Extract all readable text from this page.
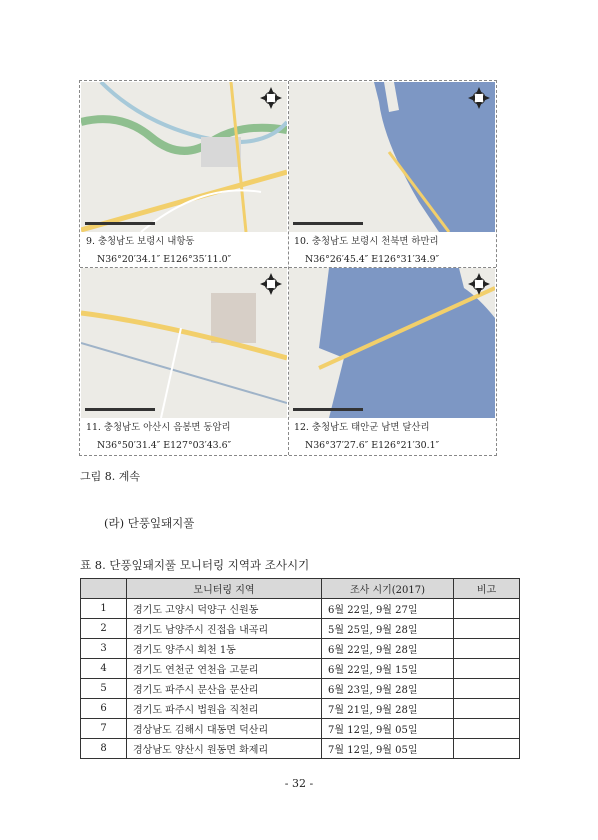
9. 충청남도 보령시 내항동
N36°20′34.1″ E126°35′11.0″
10. 충청남도 보령시 천북면 하만리
N36°26′45.4″ E126°31′34.9″
11. 충청남도 아산시 음봉면 동암리
N36°50′31.4″ E127°03′43.6″
12. 충청남도 태안군 남면 달산리
N36°37′27.6″ E126°21′30.1″
그림 8. 계속
(라) 단풍잎돼지풀
표 8. 단풍잎돼지풀 모니터링 지역과 조사시기
	모니터링 지역	조사 시기(2017)	비고
1	경기도 고양시 덕양구 신원동	6월 22일, 9월 27일	
2	경기도 남양주시 진접읍 내곡리	5월 25일, 9월 28일	
3	경기도 양주시 회천 1동	6월 22일, 9월 28일	
4	경기도 연천군 연천읍 고문리	6월 22일, 9월 15일	
5	경기도 파주시 문산읍 문산리	6월 23일, 9월 28일	
6	경기도 파주시 법원읍 직천리	7월 21일, 9월 28일	
7	경상남도 김해시 대동면 덕산리	7월 12일, 9월 05일	
8	경상남도 양산시 원동면 화제리	7월 12일, 9월 05일	
- 32 -
